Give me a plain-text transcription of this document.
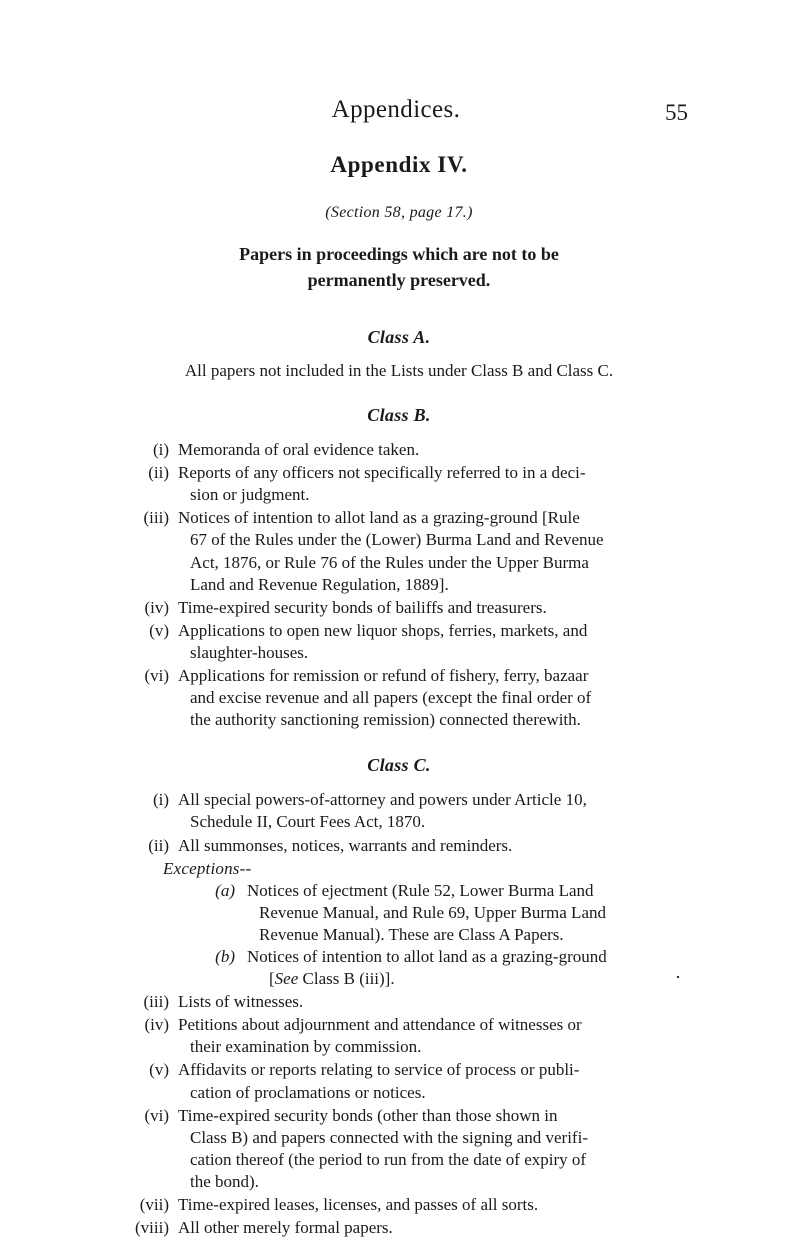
Appendices.	55
Appendix IV.
(Section 58, page 17.)
Papers in proceedings which are not to be
permanently preserved.
Class A.

All papers not included in the Lists under Class B and Class C.

Class B.
(i) Memoranda of oral evidence taken.
(ii) Reports of any officers not specifically referred to in a deci-
sion or judgment.
(iii) Notices of intention to allot land as a grazing-ground [Rule
67 of the Rules under the (Lower) Burma Land and Revenue
Act, 1876, or Rule 76 of the Rules under the Upper Burma
Land and Revenue Regulation, 1889].
(iv) Time-expired security bonds of bailiffs and treasurers.
(v) Applications to open new liquor shops, ferries, markets, and
slaughter-houses.
(vi) Applications for remission or refund of fishery, ferry, bazaar
and excise revenue and all papers (except the final order of
the authority sanctioning remission) connected therewith.
Class C.
(i) All special powers-of-attorney and powers under Article 10,
Schedule II, Court Fees Act, 1870.
(ii) All summonses, notices, warrants and reminders.
Exceptions--
(a) Notices of ejectment (Rule 52, Lower Burma Land
Revenue Manual, and Rule 69, Upper Burma Land
Revenue Manual). These are Class A Papers.
(b) Notices of intention to allot land as a grazing-ground
[See Class B (iii)].
(iii) Lists of witnesses.
(iv) Petitions about adjournment and attendance of witnesses or
their examination by commission.
(v) Affidavits or reports relating to service of process or publi-
cation of proclamations or notices.
(vi) Time-expired security bonds (other than those shown in
Class B) and papers connected with the signing and verifi-
cation thereof (the period to run from the date of expiry of
the bond).
(vii) Time-expired leases, licenses, and passes of all sorts.
(viii) All other merely formal papers.
